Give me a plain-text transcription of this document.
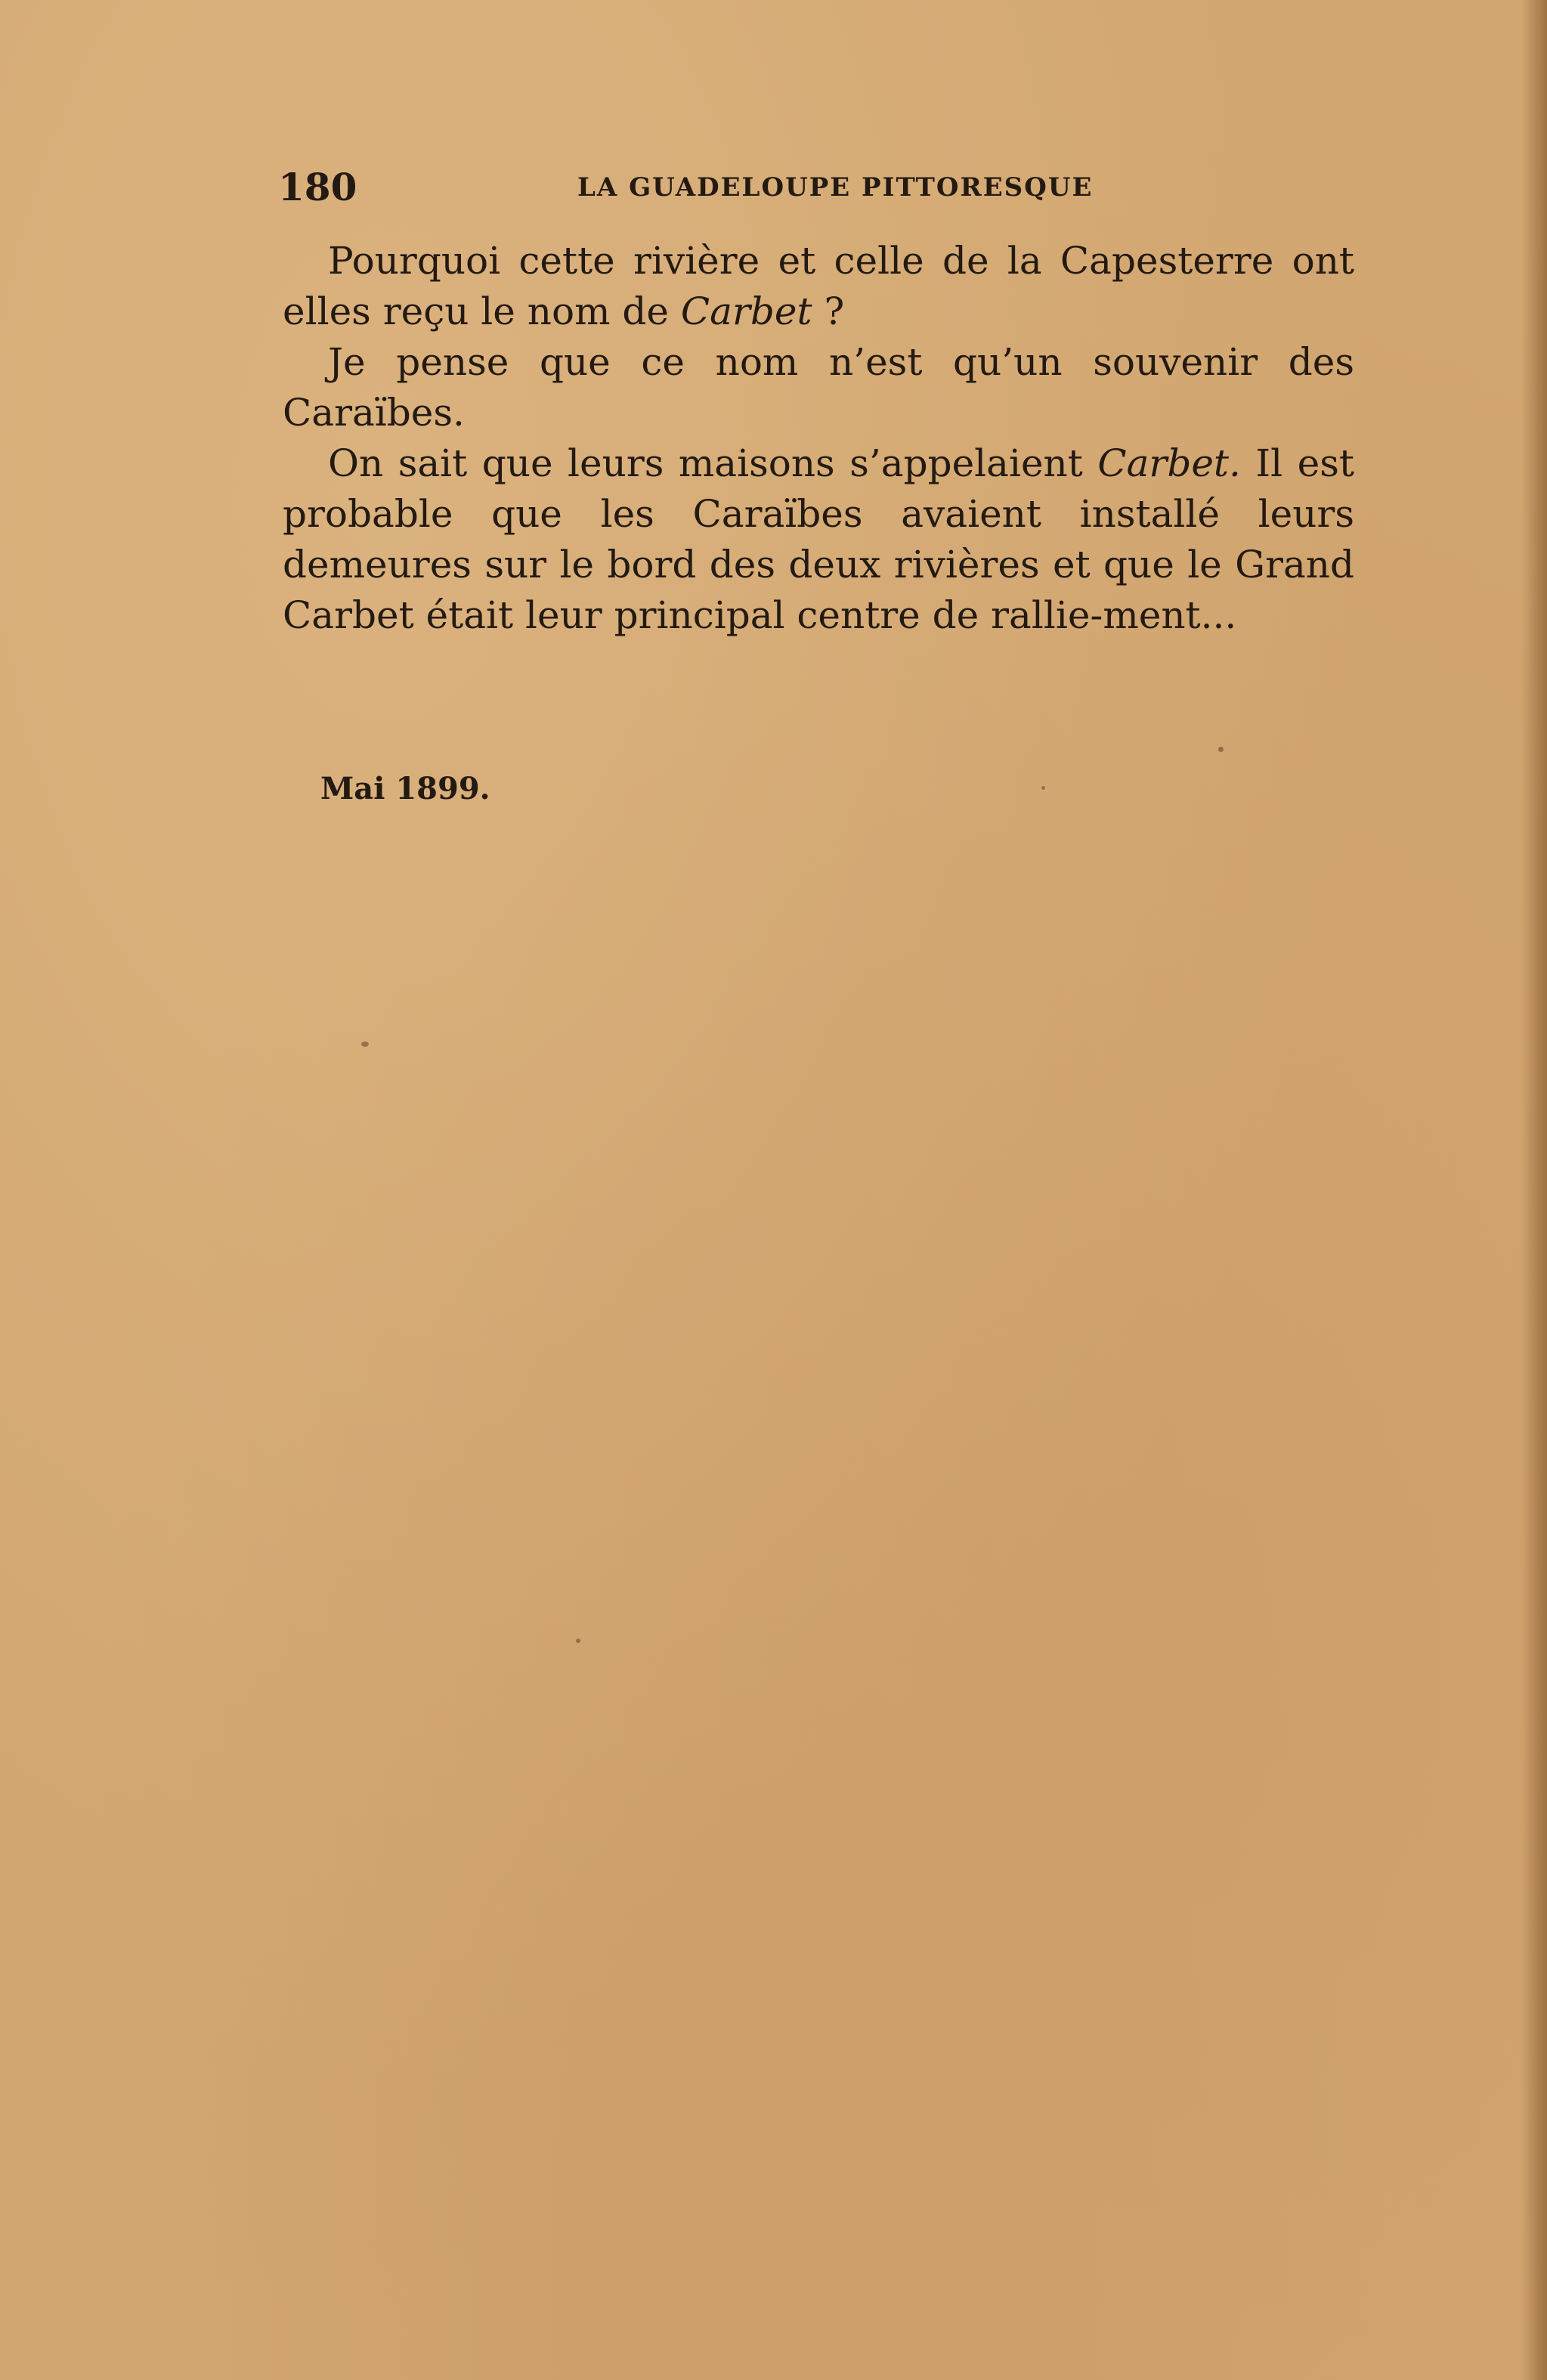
180	LA GUADELOUPE PITTORESQUE

Pourquoi cette rivière et celle de la Capesterre ont elles reçu le nom de Carbet ?

Je pense que ce nom n’est qu’un souvenir des Caraïbes.

On sait que leurs maisons s’appelaient Carbet. Il est probable que les Caraïbes avaient installé leurs demeures sur le bord des deux rivières et que le Grand Carbet était leur principal centre de rallie-ment...

Mai 1899.
